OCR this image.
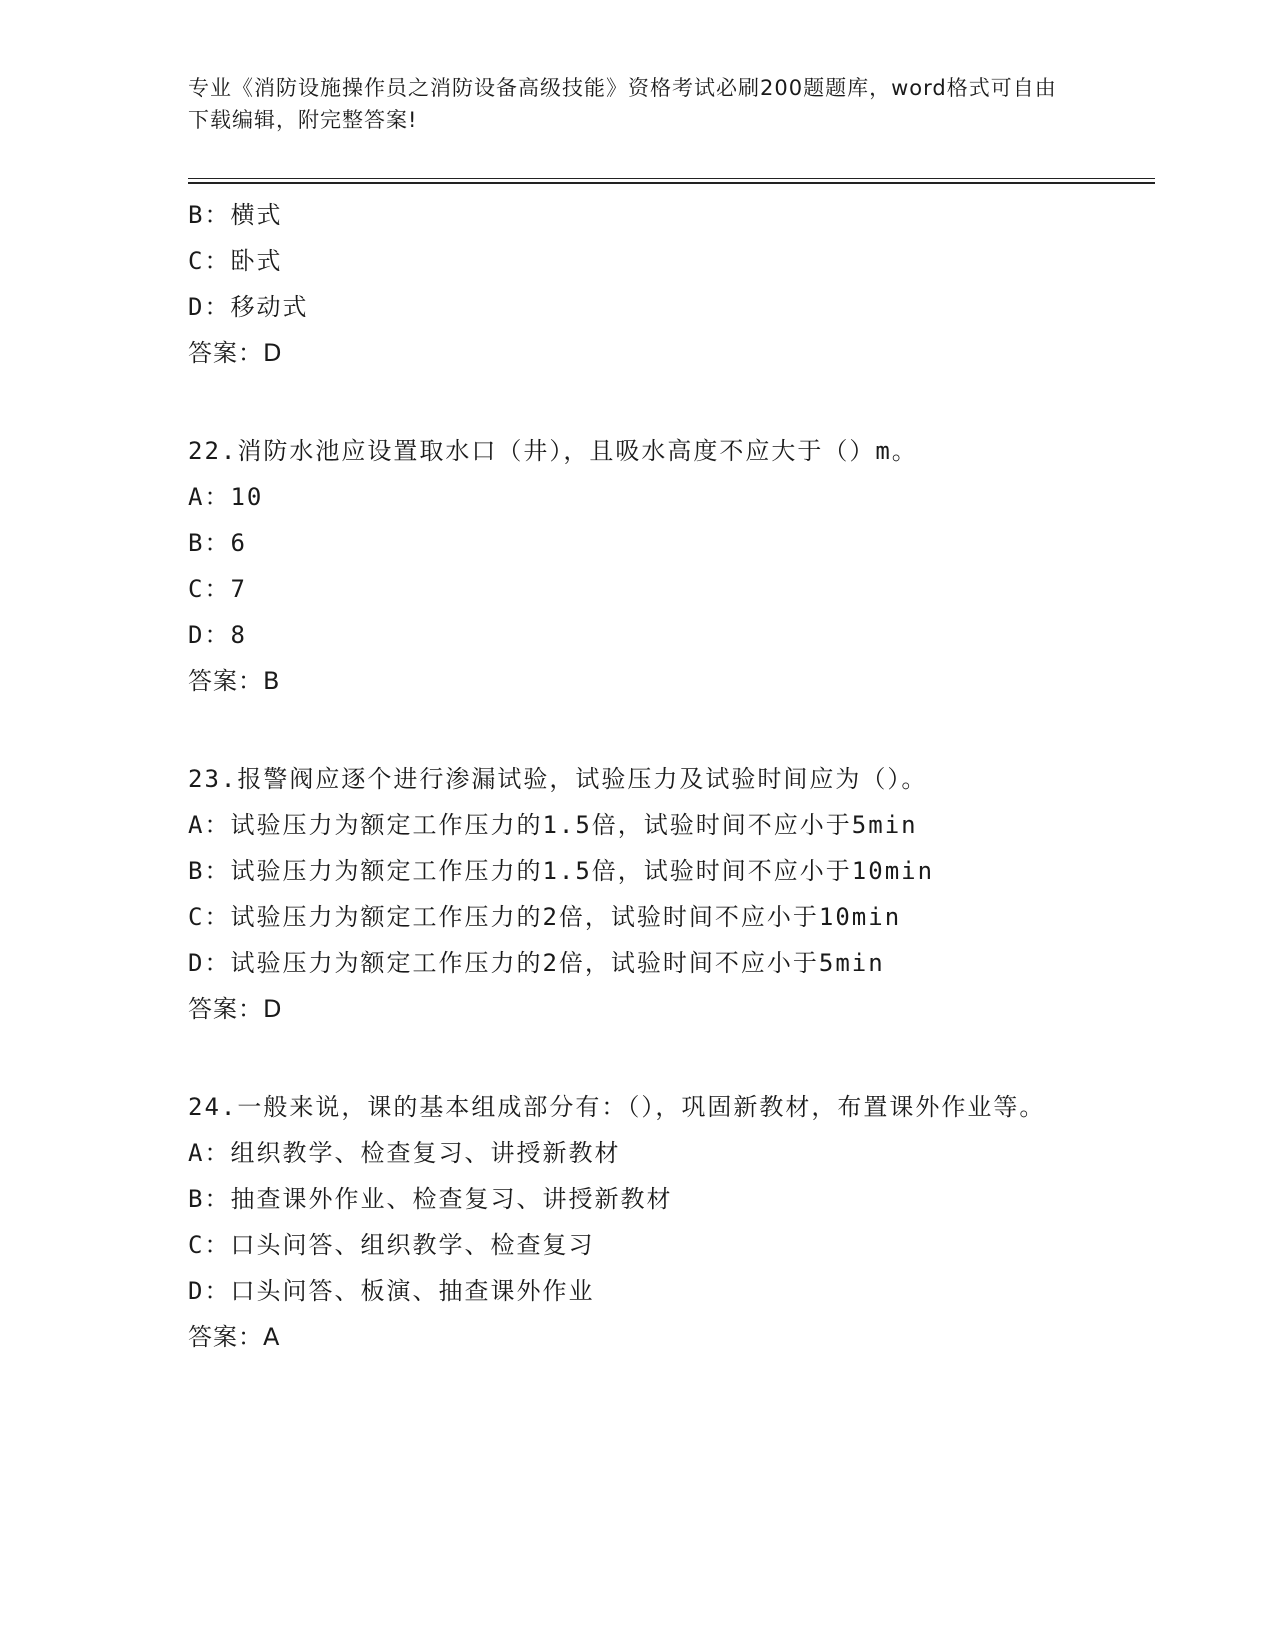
专业《消防设施操作员之消防设备高级技能》资格考试必刷200题题库，word格式可自由下载编辑，附完整答案!
B：横式
C：卧式
D：移动式
答案：D
22.消防水池应设置取水口（井），且吸水高度不应大于（）m。
A：10
B：6
C：7
D：8
答案：B
23.报警阀应逐个进行渗漏试验，试验压力及试验时间应为（）。
A：试验压力为额定工作压力的1.5倍，试验时间不应小于5min
B：试验压力为额定工作压力的1.5倍，试验时间不应小于10min
C：试验压力为额定工作压力的2倍，试验时间不应小于10min
D：试验压力为额定工作压力的2倍，试验时间不应小于5min
答案：D
24.一般来说，课的基本组成部分有：（），巩固新教材，布置课外作业等。
A：组织教学、检查复习、讲授新教材
B：抽查课外作业、检查复习、讲授新教材
C：口头问答、组织教学、检查复习
D：口头问答、板演、抽查课外作业
答案：A
